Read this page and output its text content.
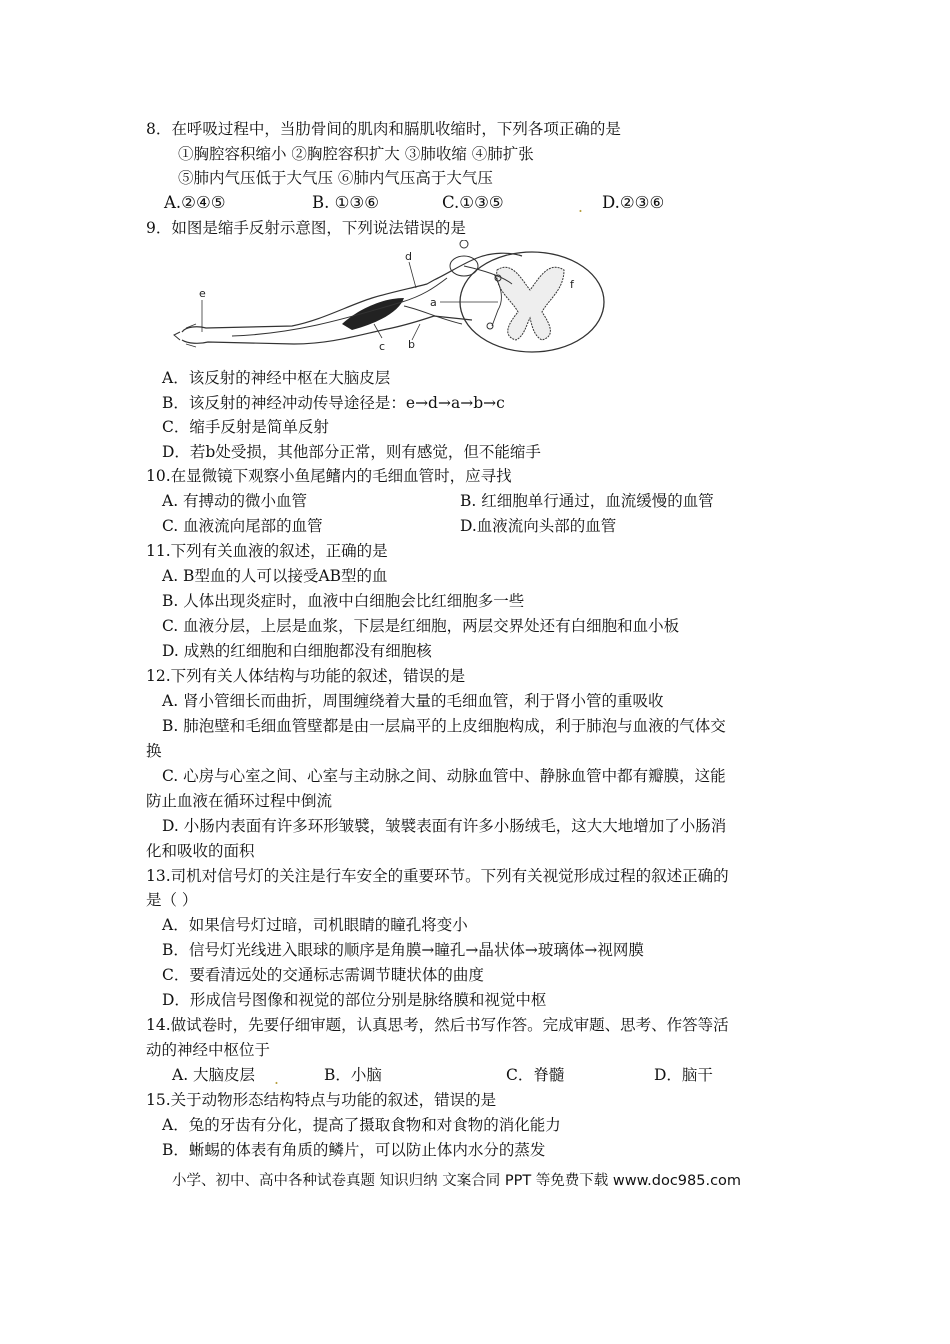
8．在呼吸过程中，当肋骨间的肌肉和膈肌收缩时，下列各项正确的是
①胸腔容积缩小 ②胸腔容积扩大 ③肺收缩 ④肺扩张
⑤肺内气压低于大气压 ⑥肺内气压高于大气压
A.②④⑤	B. ①③⑥	C.①③⑤	. D.②③⑥
9．如图是缩手反射示意图，下列说法错误的是
e
d
a
f
c b
A．该反射的神经中枢在大脑皮层
B．该反射的神经冲动传导途径是：e→d→a→b→c
C．缩手反射是简单反射
D．若b处受损，其他部分正常，则有感觉，但不能缩手
10.在显微镜下观察小鱼尾鳍内的毛细血管时，应寻找
A. 有搏动的微小血管	B. 红细胞单行通过，血流缓慢的血管
C. 血液流向尾部的血管	D.血液流向头部的血管
11.下列有关血液的叙述，正确的是
A. B型血的人可以接受AB型的血
B. 人体出现炎症时，血液中白细胞会比红细胞多一些
C. 血液分层，上层是血浆，下层是红细胞，两层交界处还有白细胞和血小板
D. 成熟的红细胞和白细胞都没有细胞核
12.下列有关人体结构与功能的叙述，错误的是
A. 肾小管细长而曲折，周围缠绕着大量的毛细血管，利于肾小管的重吸收
B. 肺泡壁和毛细血管壁都是由一层扁平的上皮细胞构成，利于肺泡与血液的气体交
换
C. 心房与心室之间、心室与主动脉之间、动脉血管中、静脉血管中都有瓣膜，这能
防止血液在循环过程中倒流
D. 小肠内表面有许多环形皱襞，皱襞表面有许多小肠绒毛，这大大地增加了小肠消
化和吸收的面积
13.司机对信号灯的关注是行车安全的重要环节。下列有关视觉形成过程的叙述正确的
是（ ）
A．如果信号灯过暗，司机眼睛的瞳孔将变小
B．信号灯光线进入眼球的顺序是角膜→瞳孔→晶状体→玻璃体→视网膜
C．要看清远处的交通标志需调节睫状体的曲度
D．形成信号图像和视觉的部位分别是脉络膜和视觉中枢
14.做试卷时，先要仔细审题，认真思考，然后书写作答。完成审题、思考、作答等活
动的神经中枢位于
A. 大脑皮层 .	B．小脑	C．脊髓	D．脑干
15.关于动物形态结构特点与功能的叙述，错误的是
A．兔的牙齿有分化，提高了摄取食物和对食物的消化能力
B．蜥蜴的体表有角质的鳞片，可以防止体内水分的蒸发
小学、初中、高中各种试卷真题 知识归纳 文案合同 PPT 等免费下载 www.doc985.com
